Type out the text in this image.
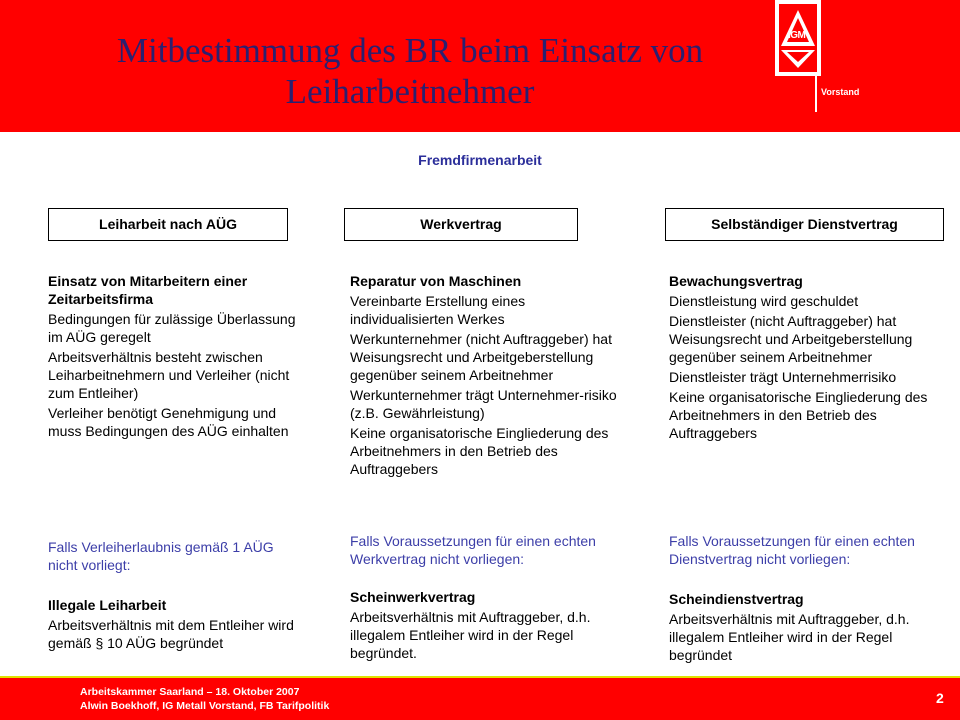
Mitbestimmung des BR beim Einsatz von
Leiharbeitnehmer
IGM
Vorstand
Fremdfirmenarbeit
Leiharbeit nach AÜG	Werkvertrag	Selbständiger Dienstvertrag

Einsatz von Mitarbeitern einer Zeitarbeitsfirma

Bedingungen für zulässige Überlassung im AÜG geregelt

Arbeitsverhältnis besteht zwischen Leiharbeitnehmern und Verleiher (nicht zum Entleiher)

Verleiher benötigt Genehmigung und muss Bedingungen des AÜG einhalten

Falls Verleiherlaubnis gemäß 1 AÜG nicht vorliegt:

Illegale Leiharbeit

Arbeitsverhältnis mit dem Entleiher wird gemäß § 10 AÜG begründet

Reparatur von Maschinen

Vereinbarte Erstellung eines individualisierten Werkes

Werkunternehmer (nicht Auftraggeber) hat Weisungsrecht und Arbeitgeberstellung gegenüber seinem Arbeitnehmer

Werkunternehmer trägt Unternehmer-risiko (z.B. Gewährleistung)

Keine organisatorische Eingliederung des Arbeitnehmers in den Betrieb des Auftraggebers

Falls Voraussetzungen für einen echten Werkvertrag nicht vorliegen:

Scheinwerkvertrag

Arbeitsverhältnis mit Auftraggeber, d.h. illegalem Entleiher wird in der Regel begründet.

Bewachungsvertrag

Dienstleistung wird geschuldet

Dienstleister (nicht Auftraggeber) hat Weisungsrecht und Arbeitgeberstellung gegenüber seinem Arbeitnehmer

Dienstleister trägt Unternehmerrisiko

Keine organisatorische Eingliederung des Arbeitnehmers in den Betrieb des Auftraggebers

Falls Voraussetzungen für einen echten Dienstvertrag nicht vorliegen:

Scheindienstvertrag

Arbeitsverhältnis mit Auftraggeber, d.h. illegalem Entleiher wird in der Regel begründet

Arbeitskammer Saarland – 18. Oktober 2007
Alwin Boekhoff, IG Metall Vorstand, FB Tarifpolitik	2
